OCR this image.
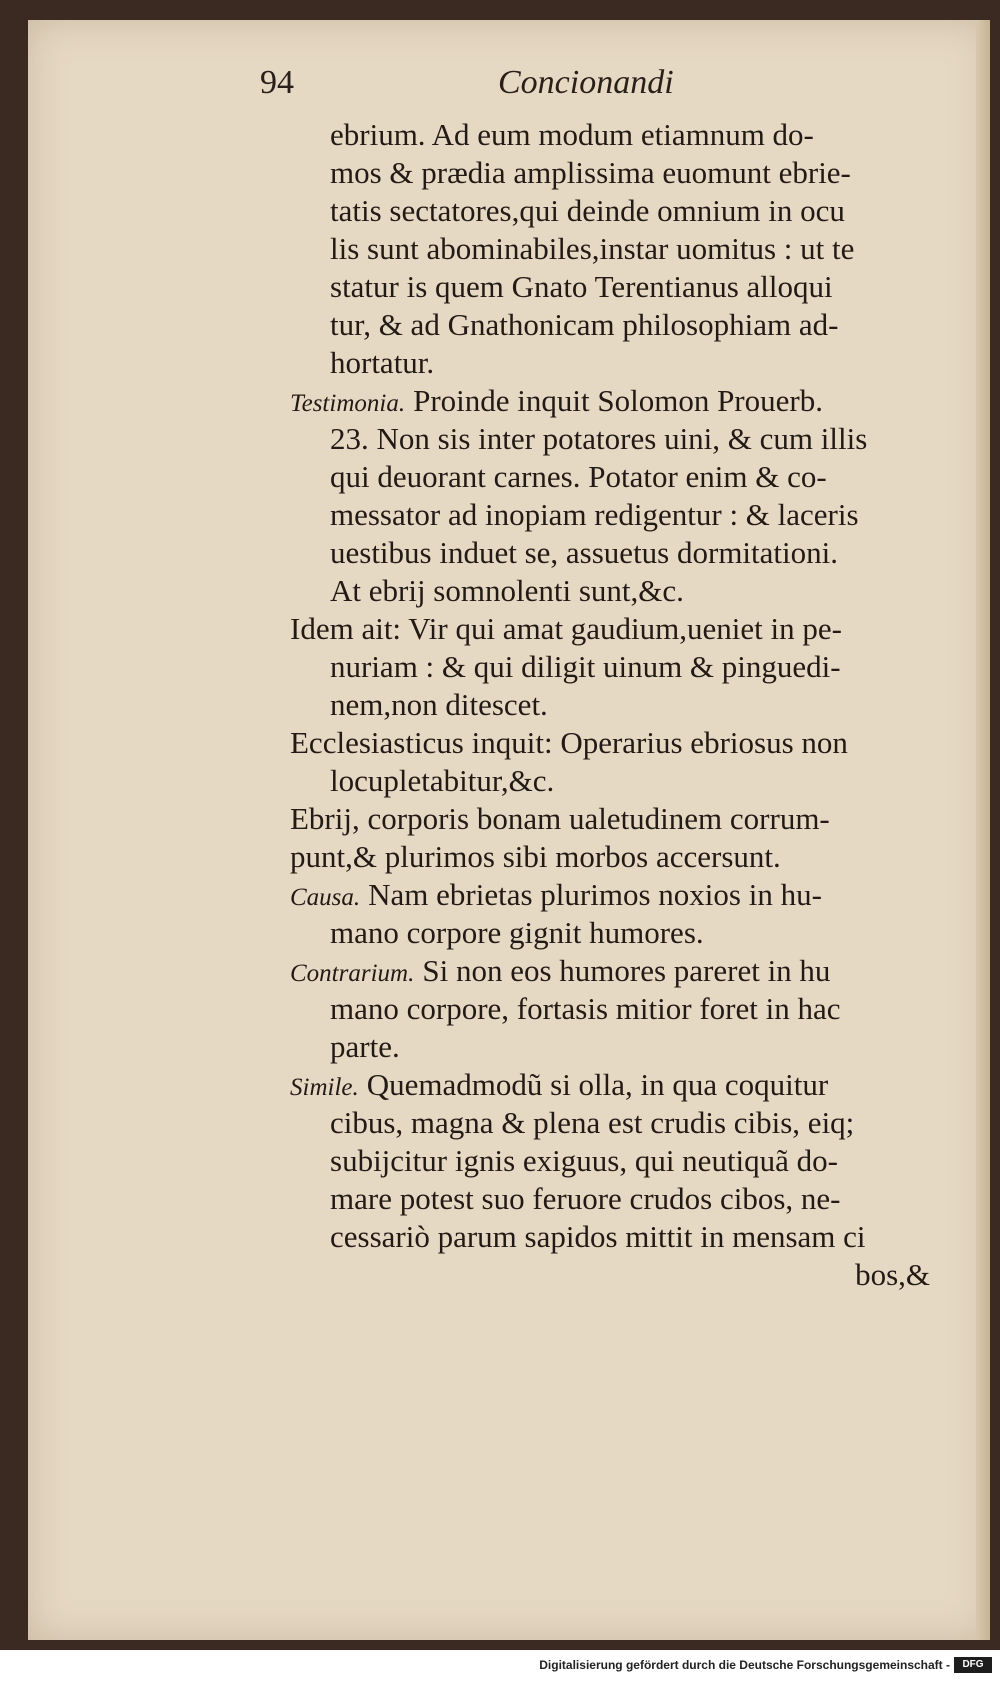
94	Concionandi
ebrium. Ad eum modum etiamnum do-
mos & prædia amplissima euomunt ebrie-
tatis sectatores,qui deinde omnium in ocu
lis sunt abominabiles,instar uomitus : ut te
statur is quem Gnato Terentianus alloqui
tur, & ad Gnathonicam philosophiam ad-
hortatur.
Testimonia. Proinde inquit Solomon Prouerb.
23. Non sis inter potatores uini, & cum illis
qui deuorant carnes. Potator enim & co-
messator ad inopiam redigentur : & laceris
uestibus induet se, assuetus dormitationi.
At ebrij somnolenti sunt,&c.
Idem ait: Vir qui amat gaudium,ueniet in pe-
nuriam : & qui diligit uinum & pinguedi-
nem,non ditescet.
Ecclesiasticus inquit: Operarius ebriosus non
locupletabitur,&c.
Ebrij, corporis bonam ualetudinem corrum-
punt,& plurimos sibi morbos accersunt.
Causa. Nam ebrietas plurimos noxios in hu-
mano corpore gignit humores.
Contrarium. Si non eos humores pareret in hu
mano corpore, fortasis mitior foret in hac
parte.
Simile. Quemadmodũ si olla, in qua coquitur
cibus, magna & plena est crudis cibis, eiq;
subijcitur ignis exiguus, qui neutiquã do-
mare potest suo feruore crudos cibos, ne-
cessariò parum sapidos mittit in mensam ci
bos,&
Digitalisierung gefördert durch die Deutsche Forschungsgemeinschaft -	DFG
